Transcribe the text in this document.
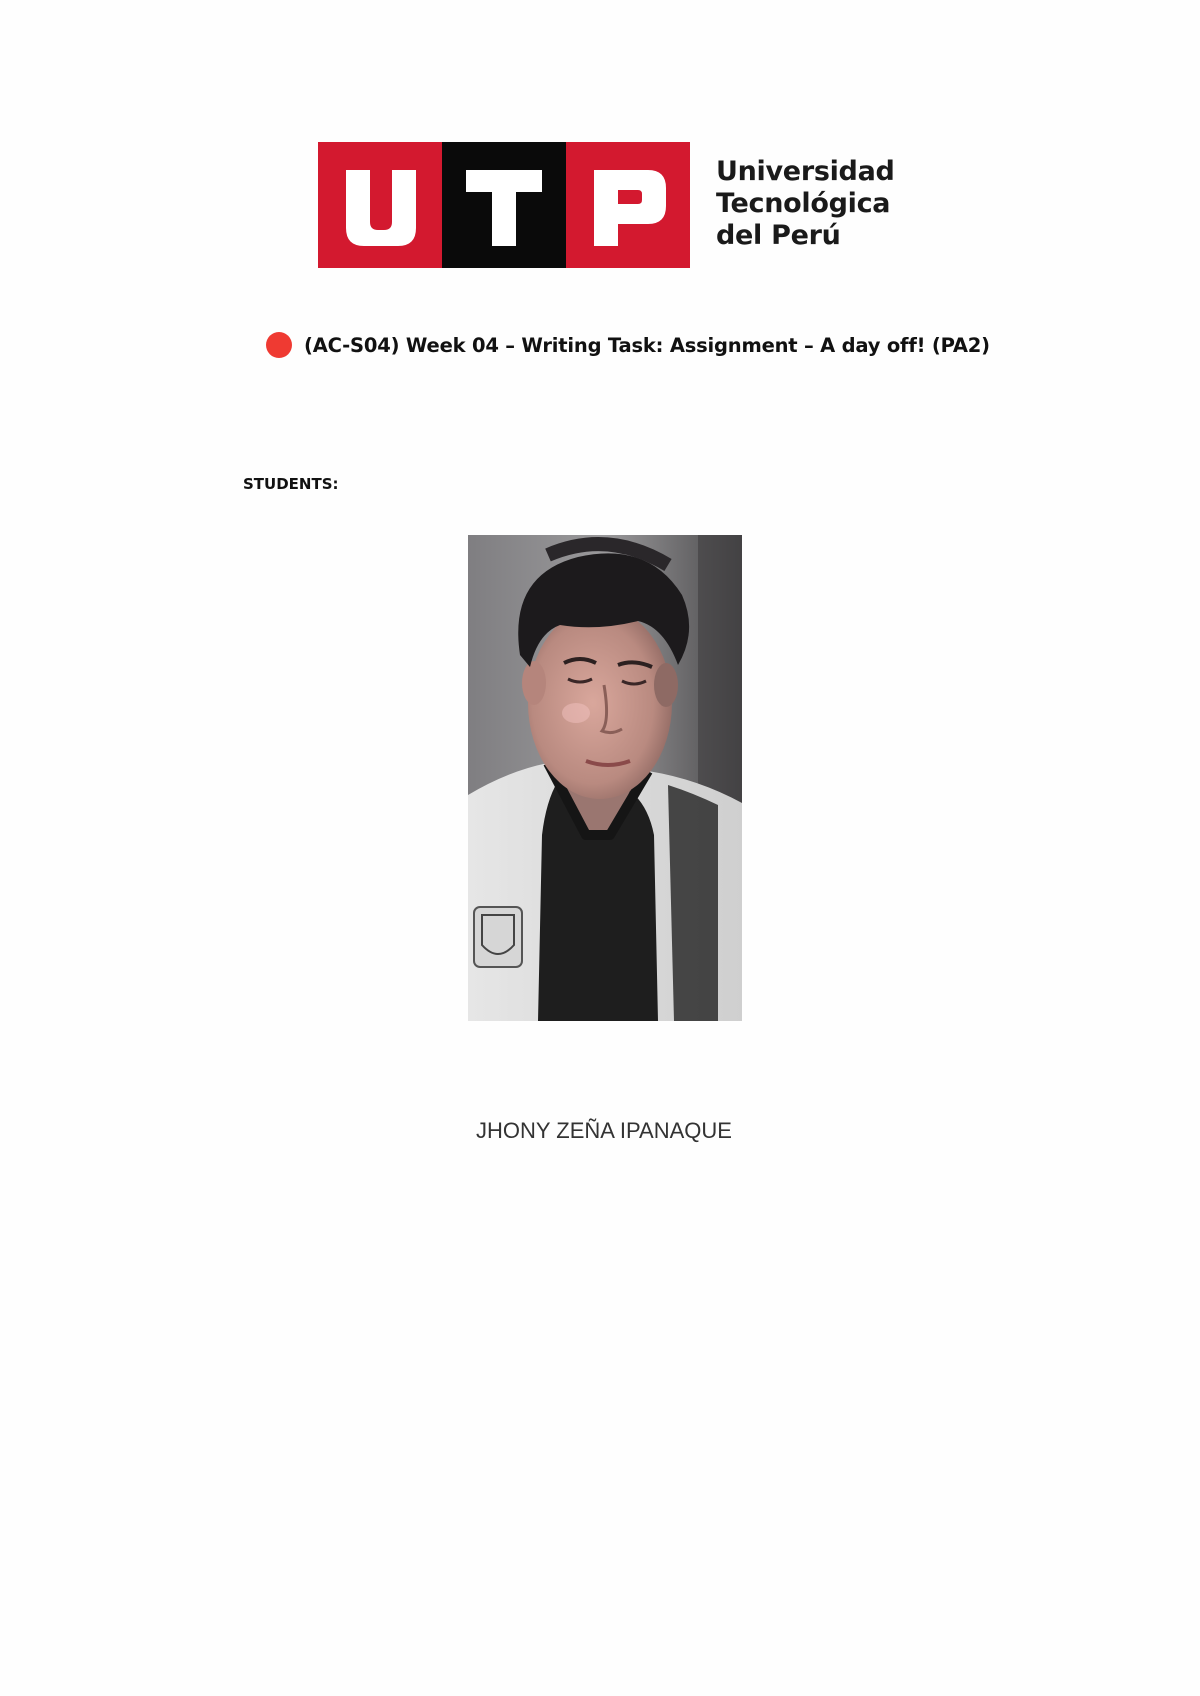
Universidad
Tecnológica
del Perú
(AC-S04) Week 04 – Writing Task: Assignment – A day off! (PA2)
STUDENTS:
JHONY ZEÑA IPANAQUE
